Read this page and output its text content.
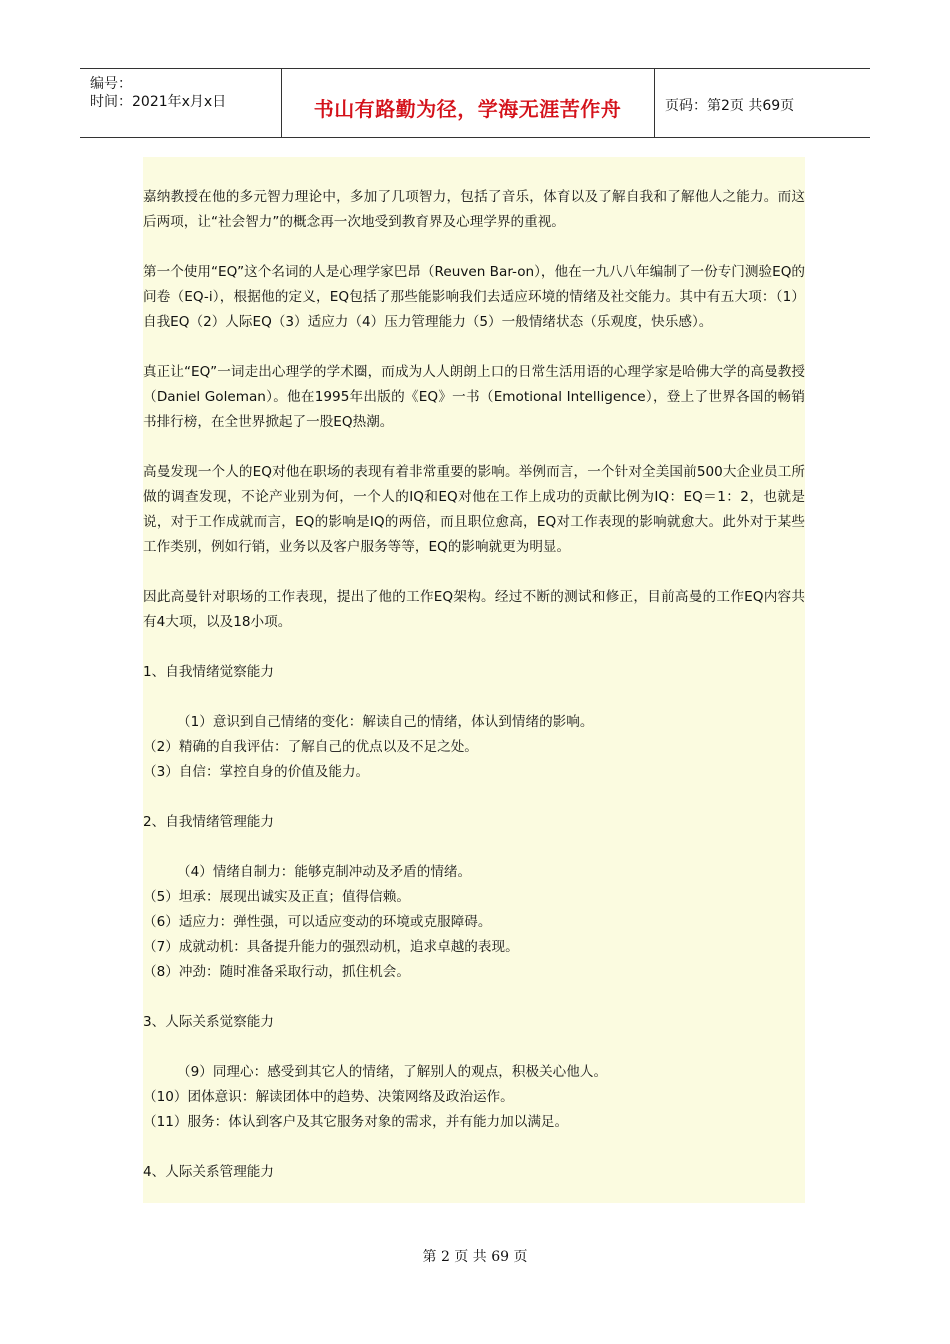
编号：
时间：2021年x月x日	书山有路勤为径，学海无涯苦作舟	页码：第2页 共69页

嘉纳教授在他的多元智力理论中，多加了几项智力，包括了音乐，体育以及了解自我和了解他人之能力。而这后两项，让“社会智力”的概念再一次地受到教育界及心理学界的重视。

第一个使用“EQ”这个名词的人是心理学家巴昂（Reuven Bar-on），他在一九八八年编制了一份专门测验EQ的问卷（EQ-i），根据他的定义，EQ包括了那些能影响我们去适应环境的情绪及社交能力。其中有五大项：（1）自我EQ（2）人际EQ（3）适应力（4）压力管理能力（5）一般情绪状态（乐观度，快乐感）。

真正让“EQ”一词走出心理学的学术圈，而成为人人朗朗上口的日常生活用语的心理学家是哈佛大学的高曼教授（Daniel Goleman）。他在1995年出版的《EQ》一书（Emotional Intelligence），登上了世界各国的畅销书排行榜，在全世界掀起了一股EQ热潮。

高曼发现一个人的EQ对他在职场的表现有着非常重要的影响。举例而言，一个针对全美国前500大企业员工所做的调查发现，不论产业别为何，一个人的IQ和EQ对他在工作上成功的贡献比例为IQ：EQ＝1：2，也就是说，对于工作成就而言，EQ的影响是IQ的两倍，而且职位愈高，EQ对工作表现的影响就愈大。此外对于某些工作类别，例如行销，业务以及客户服务等等，EQ的影响就更为明显。

因此高曼针对职场的工作表现，提出了他的工作EQ架构。经过不断的测试和修正，目前高曼的工作EQ内容共有4大项，以及18小项。

1、自我情绪觉察能力
（1）意识到自己情绪的变化：解读自己的情绪，体认到情绪的影响。
（2）精确的自我评估：了解自己的优点以及不足之处。
（3）自信：掌控自身的价值及能力。
2、自我情绪管理能力
（4）情绪自制力：能够克制冲动及矛盾的情绪。
（5）坦承：展现出诚实及正直；值得信赖。
（6）适应力：弹性强，可以适应变动的环境或克服障碍。
（7）成就动机：具备提升能力的强烈动机，追求卓越的表现。
（8）冲劲：随时准备采取行动，抓住机会。
3、人际关系觉察能力
（9）同理心：感受到其它人的情绪，了解别人的观点，积极关心他人。
（10）团体意识：解读团体中的趋势、决策网络及政治运作。
（11）服务：体认到客户及其它服务对象的需求，并有能力加以满足。
4、人际关系管理能力
第 2 页 共 69 页
